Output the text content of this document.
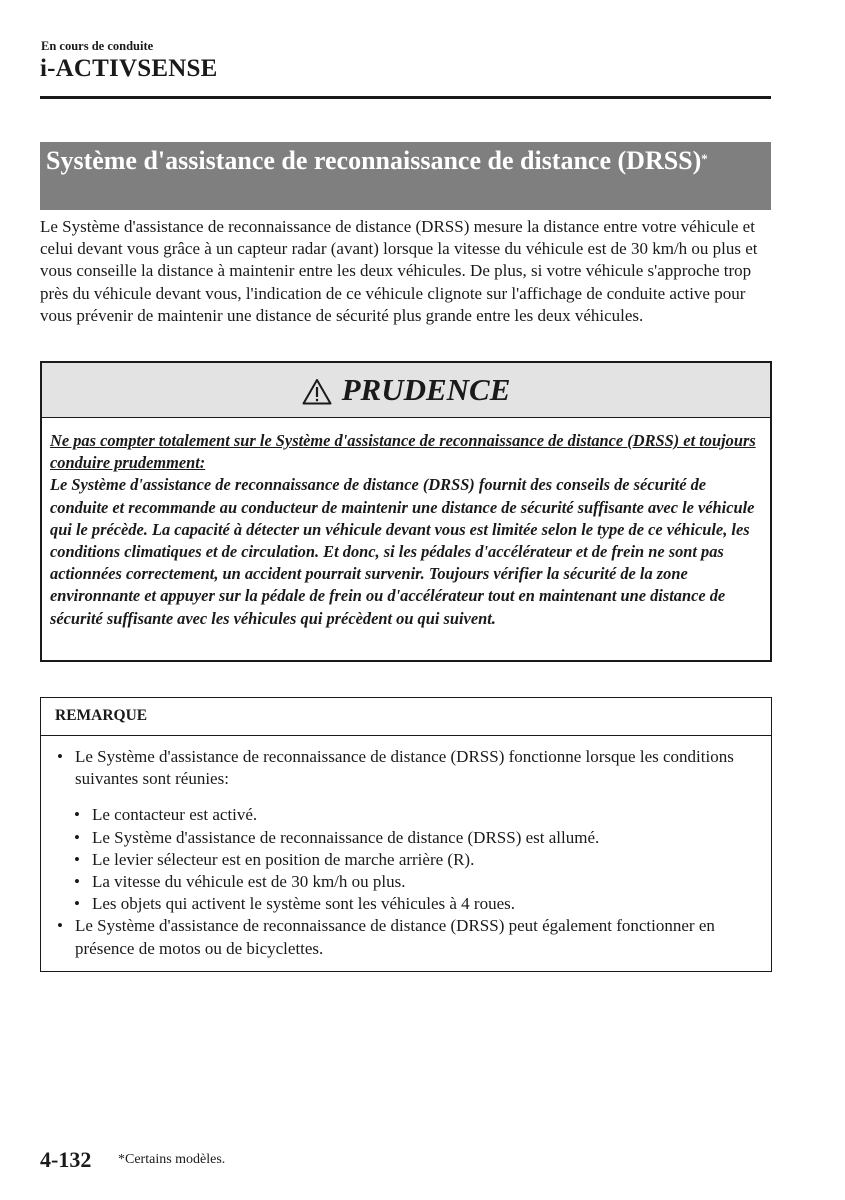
En cours de conduite
i-ACTIVSENSE
Système d'assistance de reconnaissance de distance (DRSS)*
Le Système d'assistance de reconnaissance de distance (DRSS) mesure la distance entre votre véhicule et celui devant vous grâce à un capteur radar (avant) lorsque la vitesse du véhicule est de 30 km/h ou plus et vous conseille la distance à maintenir entre les deux véhicules. De plus, si votre véhicule s'approche trop près du véhicule devant vous, l'indication de ce véhicule clignote sur l'affichage de conduite active pour vous prévenir de maintenir une distance de sécurité plus grande entre les deux véhicules.
PRUDENCE
Ne pas compter totalement sur le Système d'assistance de reconnaissance de distance (DRSS) et toujours conduire prudemment:
Le Système d'assistance de reconnaissance de distance (DRSS) fournit des conseils de sécurité de conduite et recommande au conducteur de maintenir une distance de sécurité suffisante avec le véhicule qui le précède. La capacité à détecter un véhicule devant vous est limitée selon le type de ce véhicule, les conditions climatiques et de circulation. Et donc, si les pédales d'accélérateur et de frein ne sont pas actionnées correctement, un accident pourrait survenir. Toujours vérifier la sécurité de la zone environnante et appuyer sur la pédale de frein ou d'accélérateur tout en maintenant une distance de sécurité suffisante avec les véhicules qui précèdent ou qui suivent.
REMARQUE
• Le Système d'assistance de reconnaissance de distance (DRSS) fonctionne lorsque les conditions suivantes sont réunies:
• Le contacteur est activé.
• Le Système d'assistance de reconnaissance de distance (DRSS) est allumé.
• Le levier sélecteur est en position de marche arrière (R).
• La vitesse du véhicule est de 30 km/h ou plus.
• Les objets qui activent le système sont les véhicules à 4 roues.
• Le Système d'assistance de reconnaissance de distance (DRSS) peut également fonctionner en présence de motos ou de bicyclettes.
4-132 *Certains modèles.
